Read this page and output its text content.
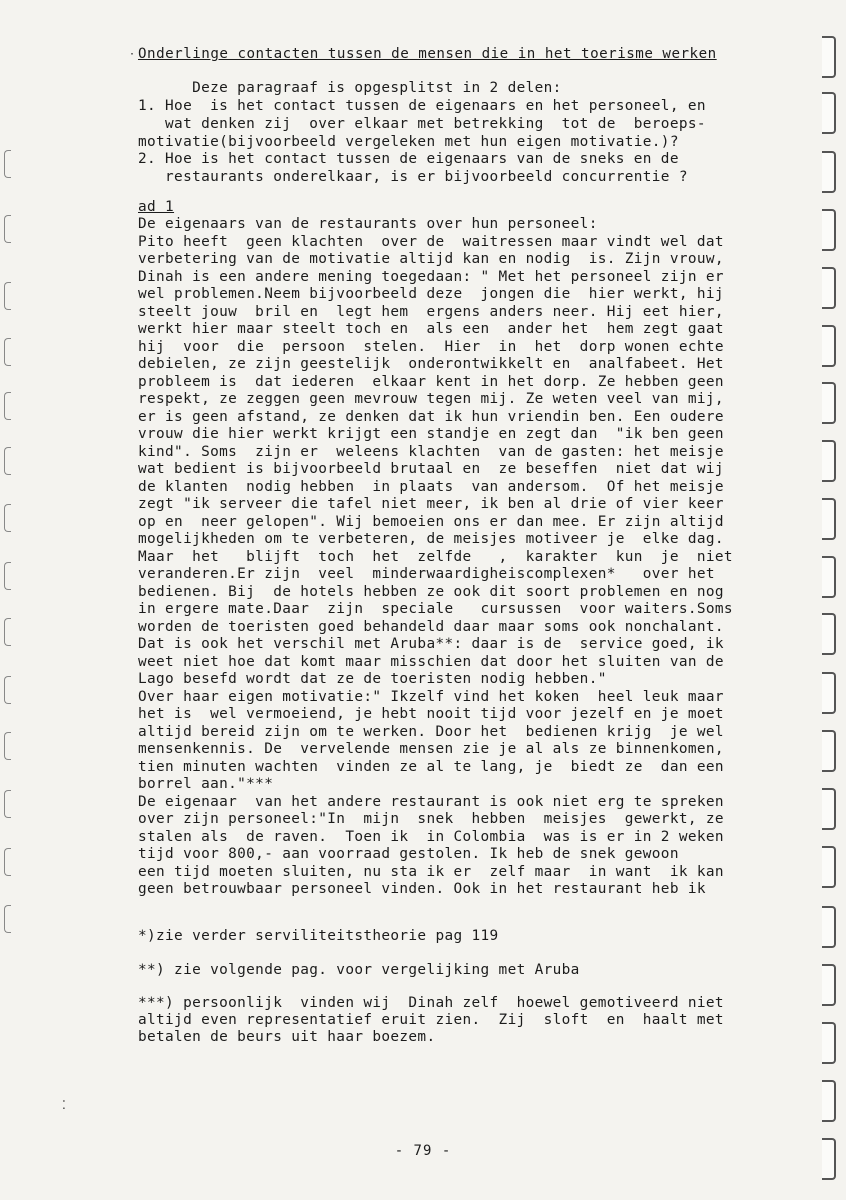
· Onderlinge contacten tussen de mensen die in het toerisme werken
Deze paragraaf is opgesplitst in 2 delen:
1. Hoe  is het contact tussen de eigenaars en het personeel, en
wat denken zij  over elkaar met betrekking  tot de  beroeps-
motivatie(bijvoorbeeld vergeleken met hun eigen motivatie.)?
2. Hoe is het contact tussen de eigenaars van de sneks en de
restaurants onderelkaar, is er bijvoorbeeld concurrentie ?
ad 1
De eigenaars van de restaurants over hun personeel:
Pito heeft  geen klachten  over de  waitressen maar vindt wel dat
verbetering van de motivatie altijd kan en nodig  is. Zijn vrouw,
Dinah is een andere mening toegedaan: " Met het personeel zijn er
wel problemen.Neem bijvoorbeeld deze  jongen die  hier werkt, hij
steelt jouw  bril en  legt hem  ergens anders neer. Hij eet hier,
werkt hier maar steelt toch en  als een  ander het  hem zegt gaat
hij  voor  die  persoon  stelen.  Hier  in  het  dorp wonen echte
debielen, ze zijn geestelijk  onderontwikkelt en  analfabeet. Het
probleem is  dat iederen  elkaar kent in het dorp. Ze hebben geen
respekt, ze zeggen geen mevrouw tegen mij. Ze weten veel van mij,
er is geen afstand, ze denken dat ik hun vriendin ben. Een oudere
vrouw die hier werkt krijgt een standje en zegt dan  "ik ben geen
kind". Soms  zijn er  weleens klachten  van de gasten: het meisje
wat bedient is bijvoorbeeld brutaal en  ze beseffen  niet dat wij
de klanten  nodig hebben  in plaats  van andersom.  Of het meisje
zegt "ik serveer die tafel niet meer, ik ben al drie of vier keer
op en  neer gelopen". Wij bemoeien ons er dan mee. Er zijn altijd
mogelijkheden om te verbeteren, de meisjes motiveer je  elke dag.
Maar  het   blijft  toch  het  zelfde   ,  karakter  kun  je  niet
veranderen.Er zijn  veel  minderwaardigheiscomplexen*   over het
bedienen. Bij  de hotels hebben ze ook dit soort problemen en nog
in ergere mate.Daar  zijn  speciale   cursussen  voor waiters.Soms
worden de toeristen goed behandeld daar maar soms ook nonchalant.
Dat is ook het verschil met Aruba**: daar is de  service goed, ik
weet niet hoe dat komt maar misschien dat door het sluiten van de
Lago besefd wordt dat ze de toeristen nodig hebben."
Over haar eigen motivatie:" Ikzelf vind het koken  heel leuk maar
het is  wel vermoeiend, je hebt nooit tijd voor jezelf en je moet
altijd bereid zijn om te werken. Door het  bedienen krijg  je wel
mensenkennis. De  vervelende mensen zie je al als ze binnenkomen,
tien minuten wachten  vinden ze al te lang, je  biedt ze  dan een
borrel aan."***
De eigenaar  van het andere restaurant is ook niet erg te spreken
over zijn personeel:"In  mijn  snek  hebben  meisjes  gewerkt, ze
stalen als  de raven.  Toen ik  in Colombia  was is er in 2 weken
tijd voor 800,- aan voorraad gestolen. Ik heb de snek gewoon
een tijd moeten sluiten, nu sta ik er  zelf maar  in want  ik kan
geen betrouwbaar personeel vinden. Ook in het restaurant heb ik
*)zie verder serviliteitstheorie pag 119
**) zie volgende pag. voor vergelijking met Aruba
***) persoonlijk  vinden wij  Dinah zelf  hoewel gemotiveerd niet
altijd even representatief eruit zien.  Zij  sloft  en  haalt met
betalen de beurs uit haar boezem.
⁚
- 79 -
